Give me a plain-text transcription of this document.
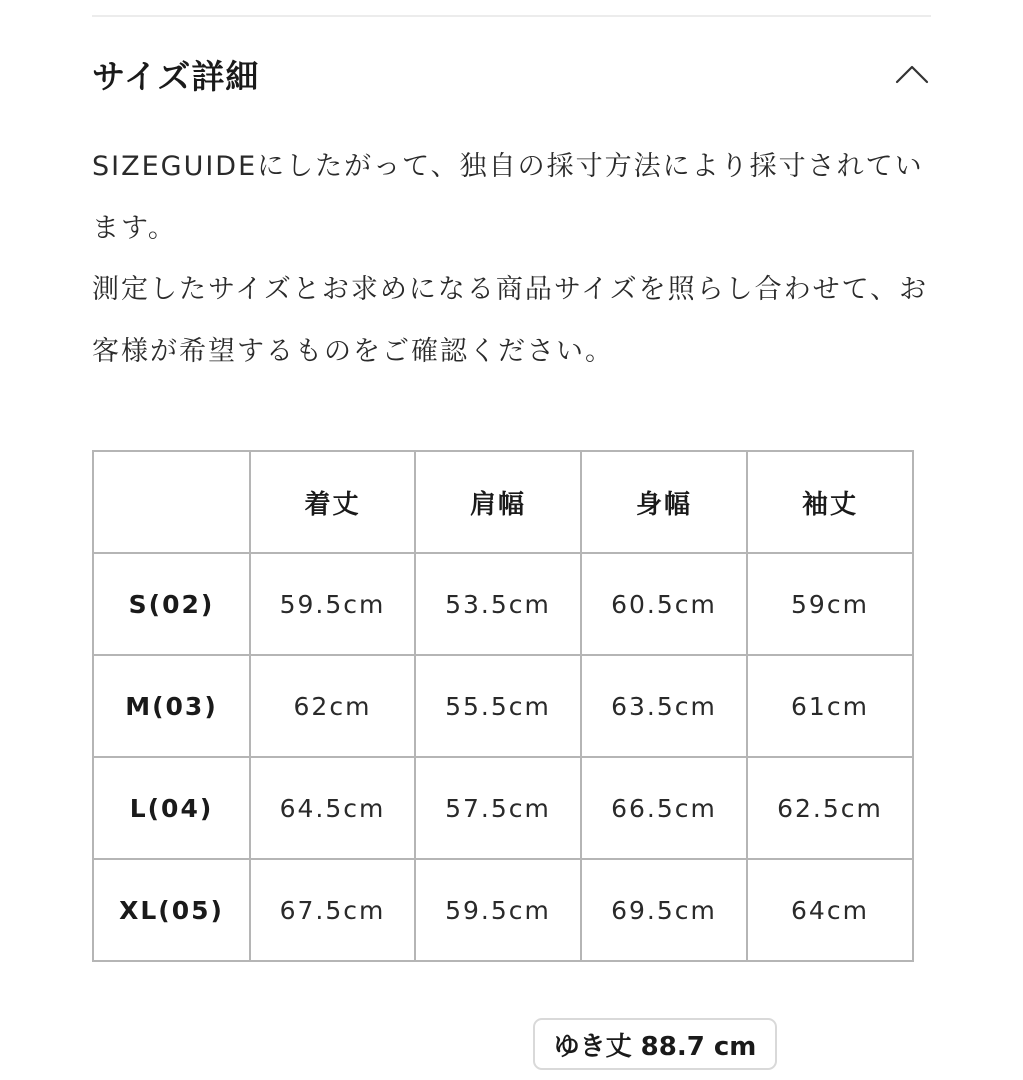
サイズ詳細

SIZEGUIDEにしたがって、独自の採寸方法により採寸されています。

測定したサイズとお求めになる商品サイズを照らし合わせて、お客様が希望するものをご確認ください。

	着丈	肩幅	身幅	袖丈
S(02)	59.5cm	53.5cm	60.5cm	59cm
M(03)	62cm	55.5cm	63.5cm	61cm
L(04)	64.5cm	57.5cm	66.5cm	62.5cm
XL(05)	67.5cm	59.5cm	69.5cm	64cm
ゆき丈 88.7 cm
